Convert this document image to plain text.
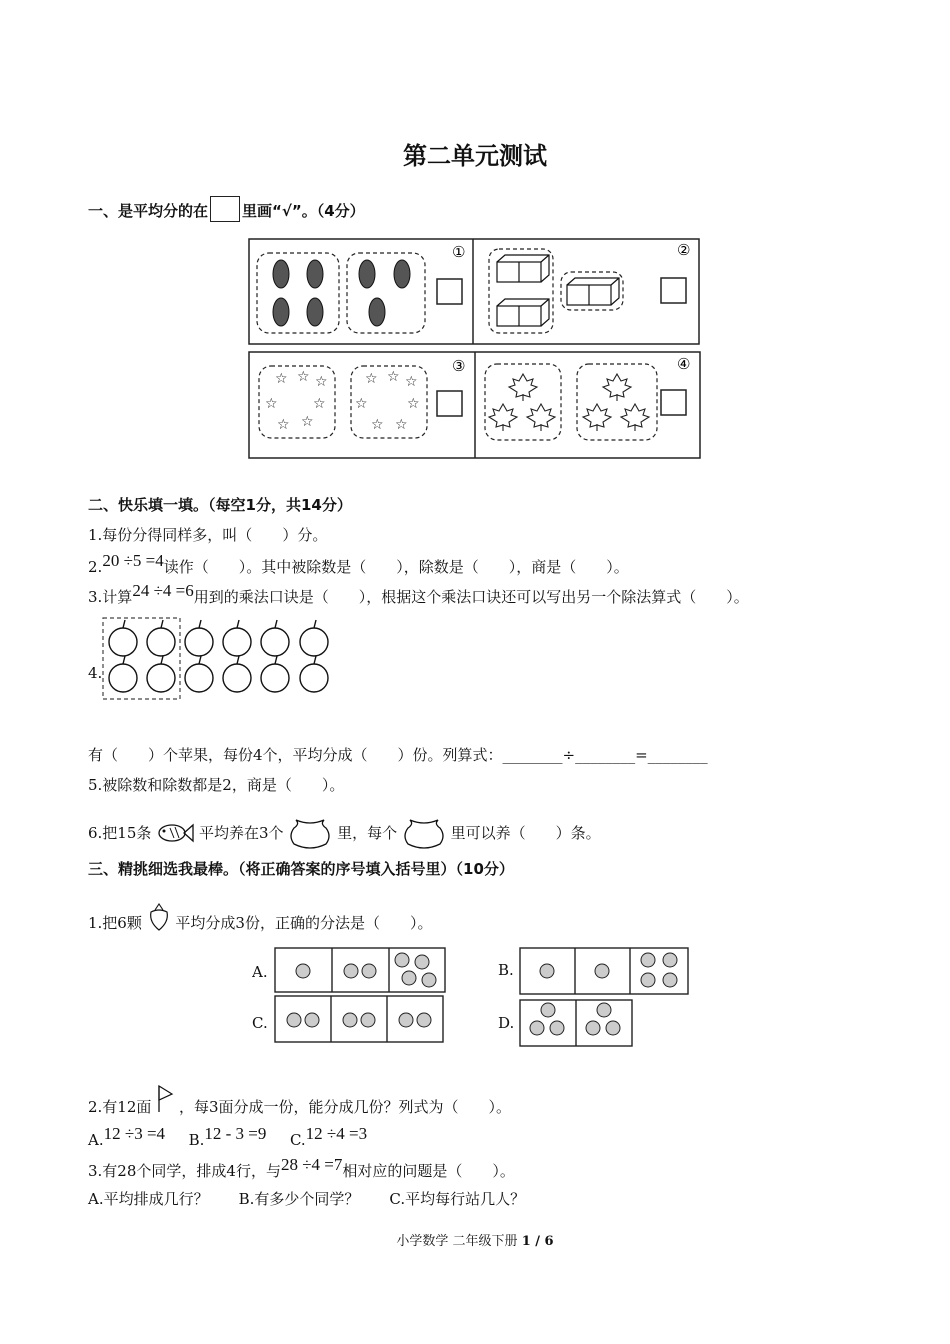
第二单元测试
一、是平均分的在 里画“√”。（4分）
①	②
③	④
☆ ☆ ☆
☆	☆
☆ ☆
☆ ☆ ☆
☆	☆
☆ ☆
二、快乐填一填。（每空1分，共14分）
1.每份分得同样多，叫（　　）分。
2.20 ÷5 =4读作（　　）。其中被除数是（　　），除数是（　　），商是（　　）。
3.计算24 ÷4 =6用到的乘法口诀是（　　），根据这个乘法口诀还可以写出另一个除法算式（　　）。
4.
有（　　）个苹果，每份4个，平均分成（　　）份。列算式：________÷________=________
5.被除数和除数都是2，商是（　　）。
6.把15条	平均养在3个	里，每个	里可以养（　　）条。
三、精挑细选我最棒。（将正确答案的序号填入括号里）（10分）
1.把6颗 平均分成3份，正确的分法是（　　）。
A.
C.
B.
D.
2.有12面 ，每3面分成一份，能分成几份？列式为（　　）。
A.12 ÷3 =4 B.12 - 3 =9 C.12 ÷4 =3
3.有28个同学，排成4行，与28 ÷4 =7相对应的问题是（　　）。
A.平均排成几行？　　B.有多少个同学？　　C.平均每行站几人？
小学数学 二年级下册 1 / 6
